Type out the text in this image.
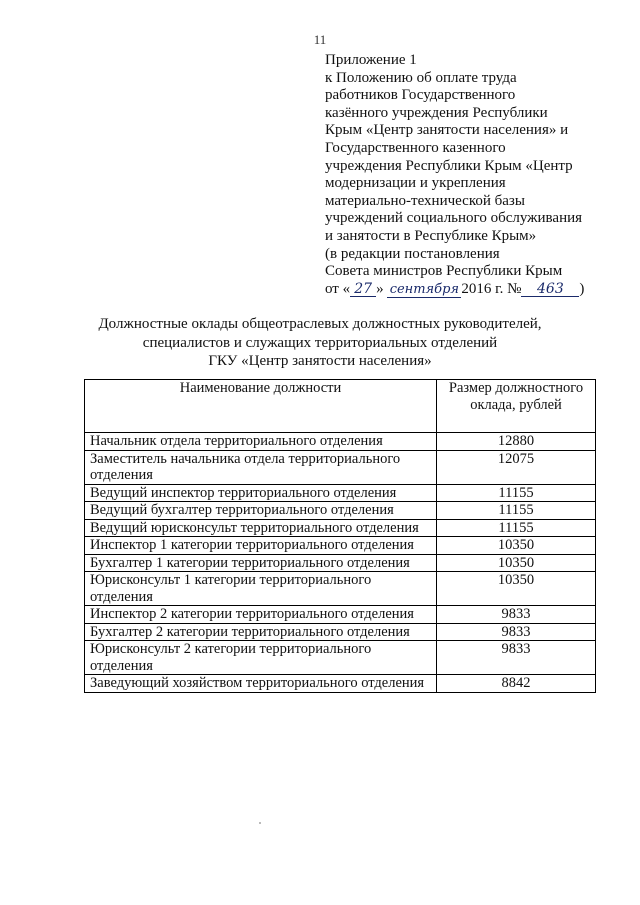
11
Приложение 1
к Положению об оплате труда
работников Государственного
казённого учреждения Республики
Крым «Центр занятости населения» и
Государственного казенного
учреждения Республики Крым «Центр
модернизации и укрепления
материально-технической базы
учреждений социального обслуживания
и занятости в Республике Крым»
(в редакции постановления
Совета министров Республики Крым
от « 27 » сентября 2016 г. № 463 )
Должностные оклады общеотраслевых должностных руководителей,
специалистов и служащих территориальных отделений
ГКУ «Центр занятости населения»
Наименование должности	Размер должностного оклада, рублей
Начальник отдела территориального отделения	12880
Заместитель начальника отдела территориального отделения	12075
Ведущий инспектор территориального отделения	11155
Ведущий бухгалтер территориального отделения	11155
Ведущий юрисконсульт территориального отделения	11155
Инспектор 1 категории территориального отделения	10350
Бухгалтер 1 категории территориального отделения	10350
Юрисконсульт 1 категории территориального отделения	10350
Инспектор 2 категории территориального отделения	9833
Бухгалтер 2 категории территориального отделения	9833
Юрисконсульт 2 категории территориального отделения	9833
Заведующий хозяйством территориального отделения	8842
